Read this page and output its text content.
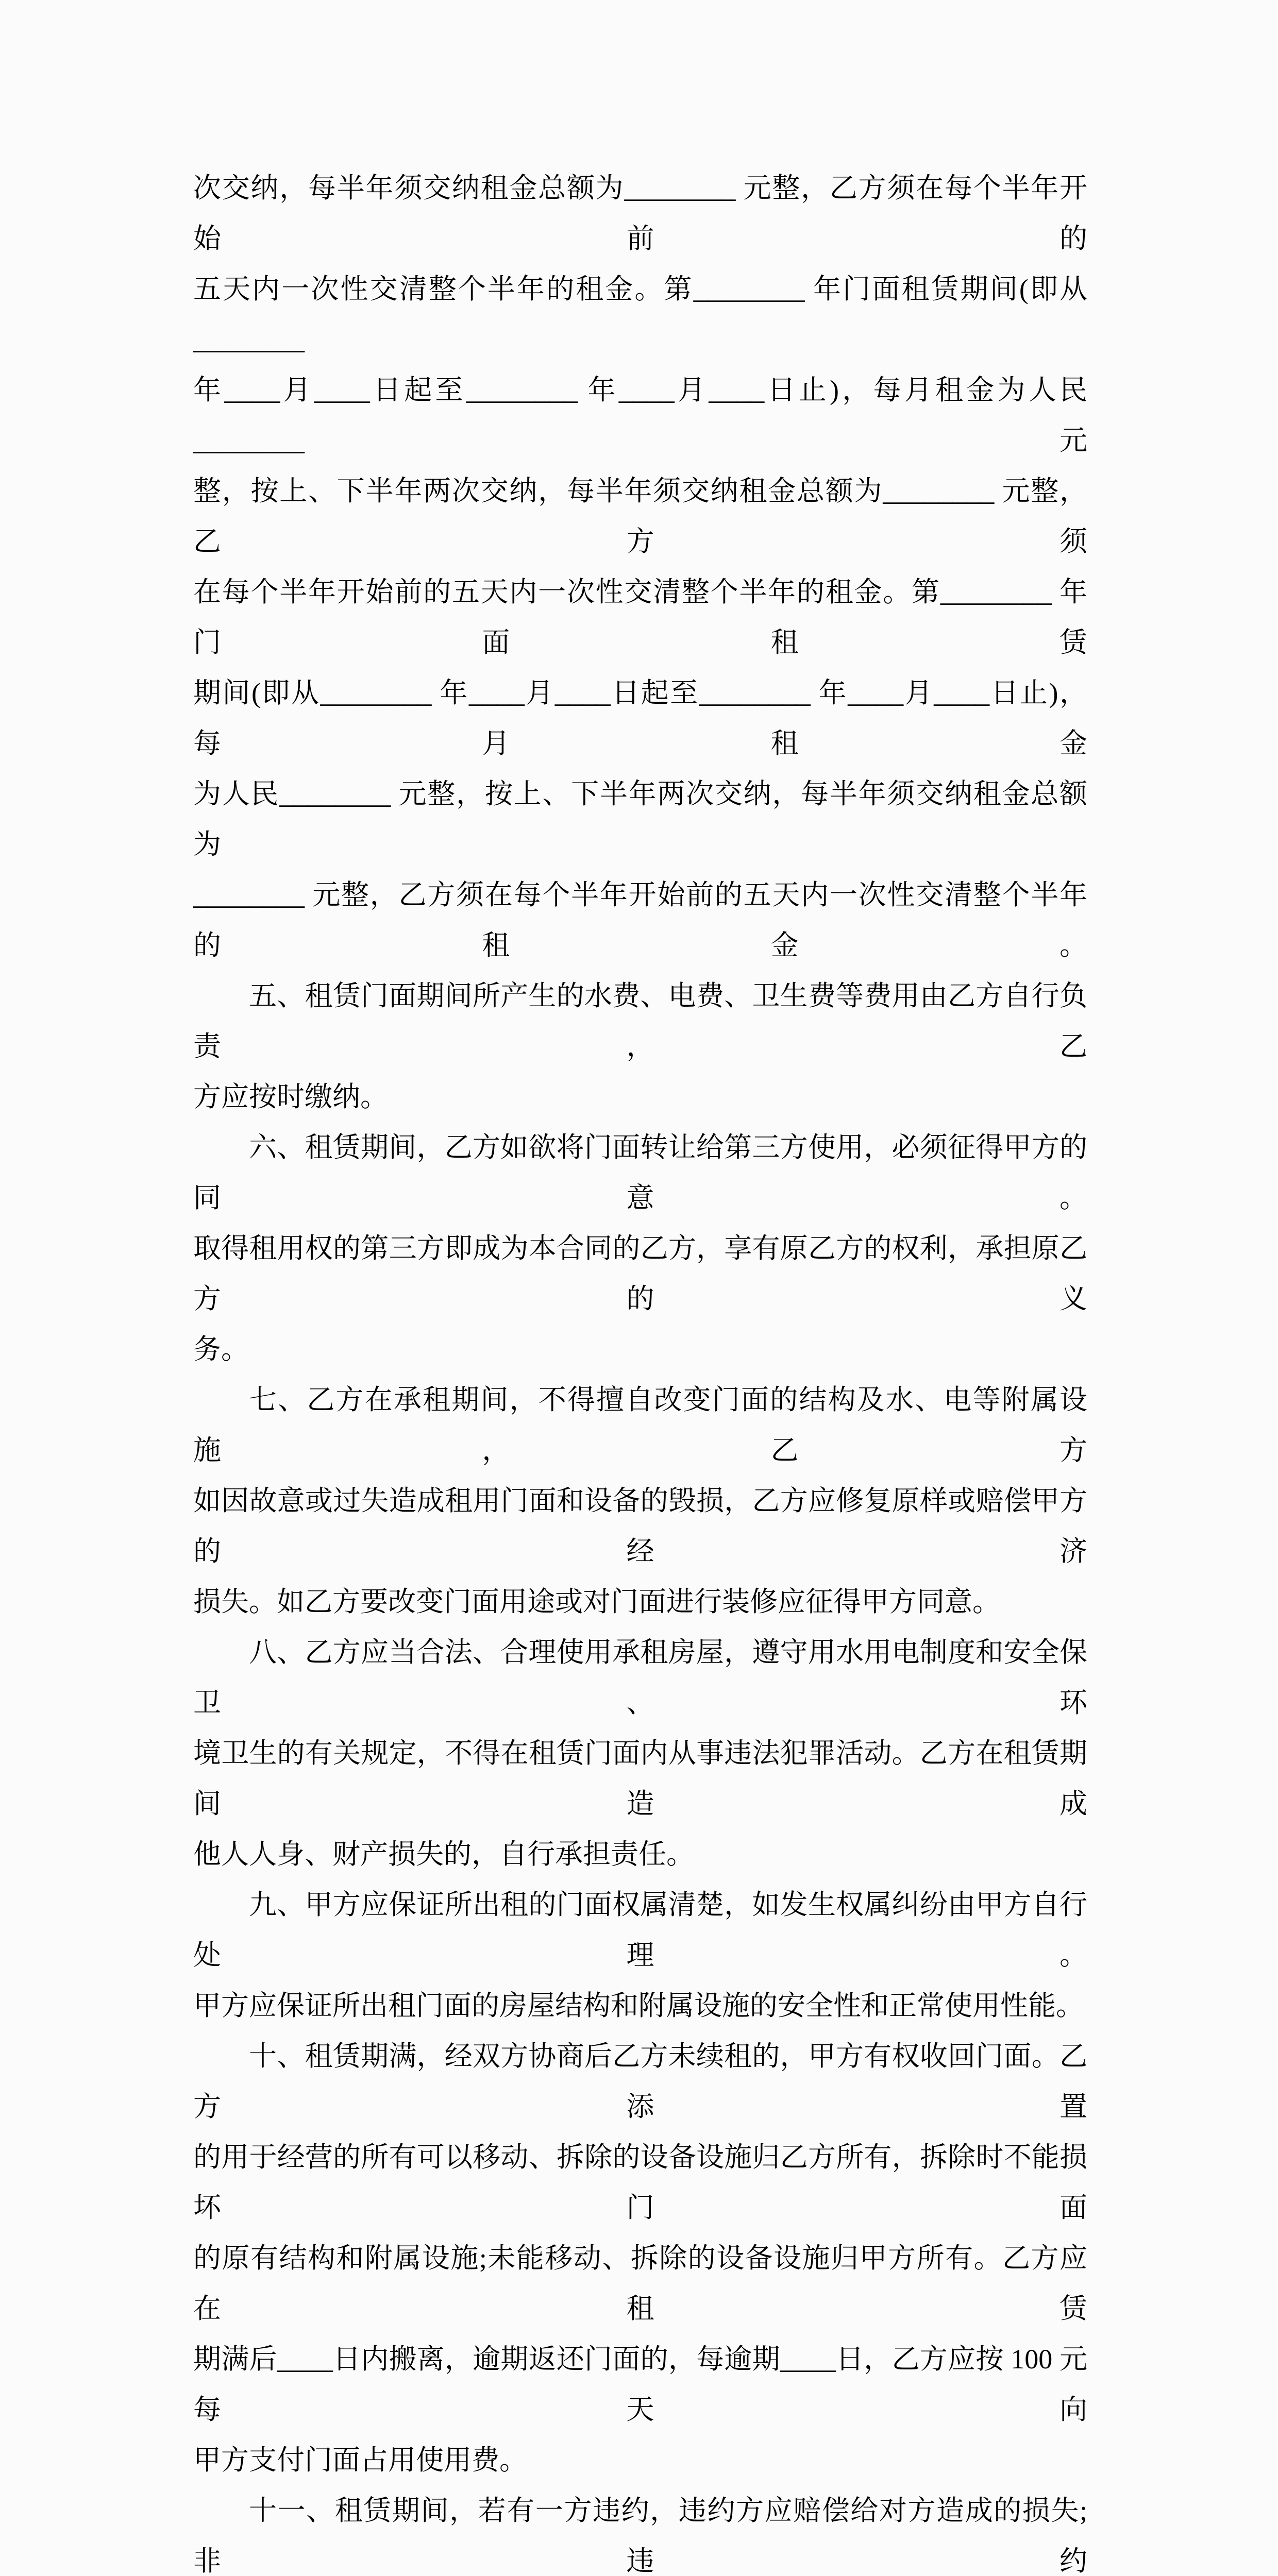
次交纳，每半年须交纳租金总额为________ 元整，乙方须在每个半年开始前的

五天内一次性交清整个半年的租金。第________ 年门面租赁期间(即从________

年____月____日起至________ 年____月____日止)，每月租金为人民________ 元

整，按上、下半年两次交纳，每半年须交纳租金总额为________ 元整，乙方须

在每个半年开始前的五天内一次性交清整个半年的租金。第________ 年门面租赁

期间(即从________ 年____月____日起至________ 年____月____日止)，每月租金

为人民________ 元整，按上、下半年两次交纳，每半年须交纳租金总额为

________ 元整，乙方须在每个半年开始前的五天内一次性交清整个半年的租金。

五、租赁门面期间所产生的水费、电费、卫生费等费用由乙方自行负责，乙

方应按时缴纳。

六、租赁期间，乙方如欲将门面转让给第三方使用，必须征得甲方的同意。

取得租用权的第三方即成为本合同的乙方，享有原乙方的权利，承担原乙方的义

务。

七、乙方在承租期间，不得擅自改变门面的结构及水、电等附属设施，乙方

如因故意或过失造成租用门面和设备的毁损，乙方应修复原样或赔偿甲方的经济

损失。如乙方要改变门面用途或对门面进行装修应征得甲方同意。

八、乙方应当合法、合理使用承租房屋，遵守用水用电制度和安全保卫、环

境卫生的有关规定，不得在租赁门面内从事违法犯罪活动。乙方在租赁期间造成

他人人身、财产损失的，自行承担责任。

九、甲方应保证所出租的门面权属清楚，如发生权属纠纷由甲方自行处理。

甲方应保证所出租门面的房屋结构和附属设施的安全性和正常使用性能。

十、租赁期满，经双方协商后乙方未续租的，甲方有权收回门面。乙方添置

的用于经营的所有可以移动、拆除的设备设施归乙方所有，拆除时不能损坏门面

的原有结构和附属设施;未能移动、拆除的设备设施归甲方所有。乙方应在租赁

期满后____日内搬离，逾期返还门面的，每逾期____日，乙方应按 100 元每天向

甲方支付门面占用使用费。

十一、租赁期间，若有一方违约，违约方应赔偿给对方造成的损失;非违约
